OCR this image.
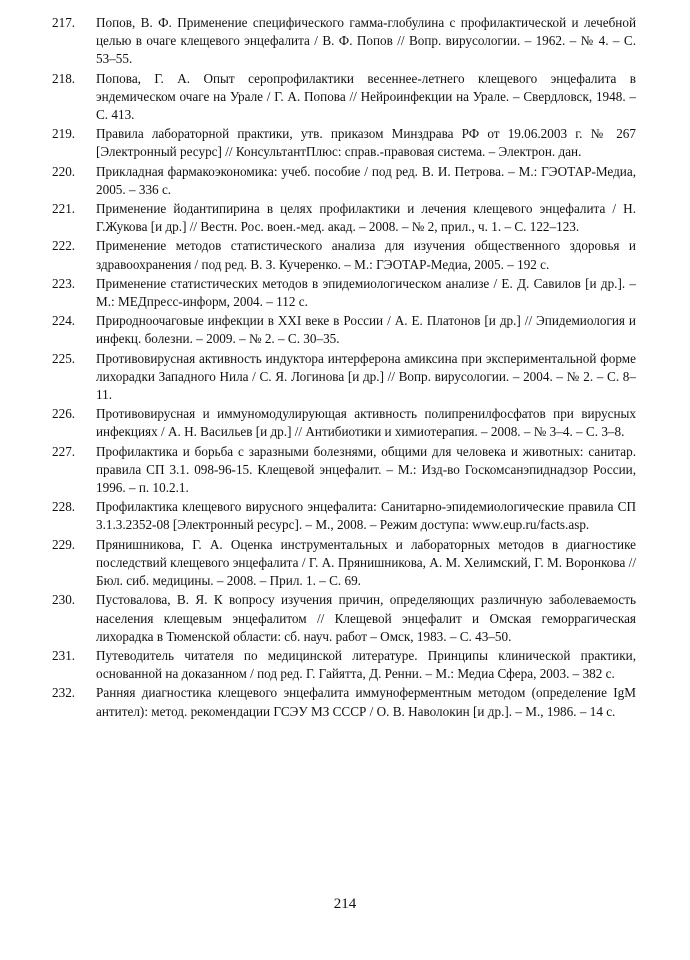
217.	Попов, В. Ф. Применение специфического гамма-глобулина с профилактической и лечебной целью в очаге клещевого энцефалита / В. Ф. Попов // Вопр. вирусологии. – 1962. – № 4. – С. 53–55.
218.	Попова, Г. А. Опыт серопрофилактики весеннее-летнего клещевого энцефалита в эндемическом очаге на Урале / Г. А. Попова // Нейроинфекции на Урале. – Свердловск, 1948. – С. 413.
219.	Правила лабораторной практики, утв. приказом Минздрава РФ от 19.06.2003 г. № 267 [Электронный ресурс] // КонсультантПлюс: справ.-правовая система. – Электрон. дан.
220.	Прикладная фармакоэкономика: учеб. пособие / под ред. В. И. Петрова. – М.: ГЭОТАР-Медиа, 2005. – 336 с.
221.	Применение йодантипирина в целях профилактики и лечения клещевого энцефалита / Н. Г.Жукова [и др.] // Вестн. Рос. воен.-мед. акад. – 2008. – № 2, прил., ч. 1. – С. 122–123.
222.	Применение методов статистического анализа для изучения общественного здоровья и здравоохранения / под ред. В. З. Кучеренко. – М.: ГЭОТАР-Медиа, 2005. – 192 с.
223.	Применение статистических методов в эпидемиологическом анализе / Е. Д. Савилов [и др.]. – М.: МЕДпресс-информ, 2004. – 112 с.
224.	Природноочаговые инфекции в XXI веке в России / А. Е. Платонов [и др.] // Эпидемиология и инфекц. болезни. – 2009. – № 2. – С. 30–35.
225.	Противовирусная активность индуктора интерферона амиксина при экспериментальной форме лихорадки Западного Нила / С. Я. Логинова [и др.] // Вопр. вирусологии. – 2004. – № 2. – С. 8–11.
226.	Противовирусная и иммуномодулирующая активность полипренилфосфатов при вирусных инфекциях / А. Н. Васильев [и др.] // Антибиотики и химиотерапия. – 2008. – № 3–4. – С. 3–8.
227.	Профилактика и борьба с заразными болезнями, общими для человека и животных: санитар. правила СП 3.1. 098-96-15. Клещевой энцефалит. – М.: Изд-во Госкомсанэпиднадзор России, 1996. – п. 10.2.1.
228.	Профилактика клещевого вирусного энцефалита: Санитарно-эпидемиологические правила СП 3.1.3.2352-08 [Электронный ресурс]. – М., 2008. – Режим доступа: www.eup.ru/facts.asp.
229.	Прянишникова, Г. А. Оценка инструментальных и лабораторных методов в диагностике последствий клещевого энцефалита / Г. А. Прянишникова, А. М. Хелимский, Г. М. Воронкова // Бюл. сиб. медицины. – 2008. – Прил. 1. – С. 69.
230.	Пустовалова, В. Я. К вопросу изучения причин, определяющих различную заболеваемость населения клещевым энцефалитом // Клещевой энцефалит и Омская геморрагическая лихорадка в Тюменской области: сб. науч. работ – Омск, 1983. – С. 43–50.
231.	Путеводитель читателя по медицинской литературе. Принципы клинической практики, основанной на доказанном / под ред. Г. Гайятта, Д. Ренни. – М.: Медиа Сфера, 2003. – 382 с.
232.	Ранняя диагностика клещевого энцефалита иммуноферментным методом (определение IgM антител): метод. рекомендации ГСЭУ МЗ СССР / О. В. Наволокин [и др.]. – М., 1986. – 14 с.
214
